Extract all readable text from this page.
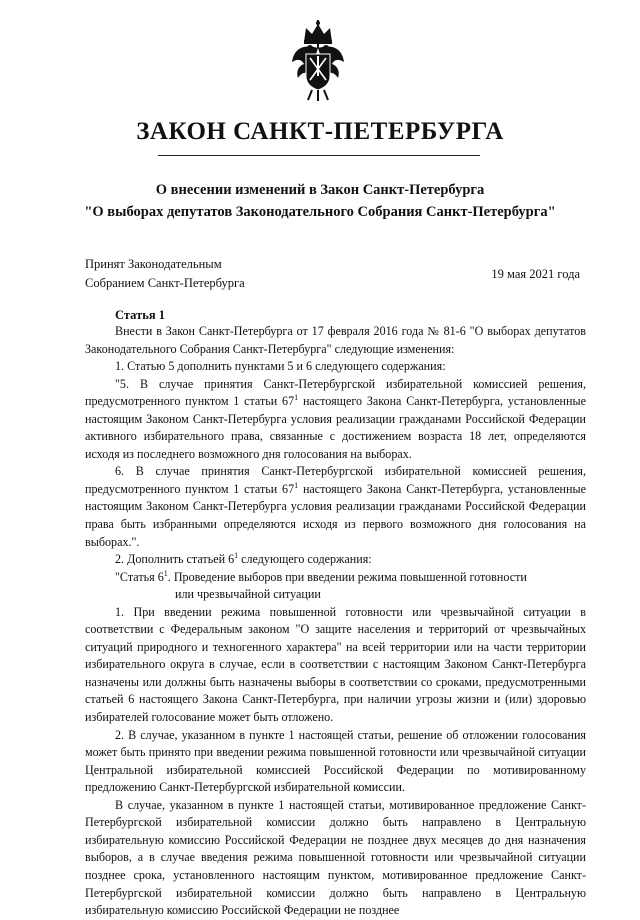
ЗАКОН САНКТ-ПЕТЕРБУРГА
О внесении изменений в Закон Санкт-Петербурга
"О выборах депутатов Законодательного Собрания Санкт-Петербурга"
Принят Законодательным
Собранием Санкт-Петербурга
19 мая 2021 года
Статья 1

Внести в Закон Санкт-Петербурга от 17 февраля 2016 года № 81-6 "О выборах депутатов Законодательного Собрания Санкт-Петербурга" следующие изменения:

1. Статью 5 дополнить пунктами 5 и 6 следующего содержания:

"5. В случае принятия Санкт-Петербургской избирательной комиссией решения, предусмотренного пунктом 1 статьи $67^1$ настоящего Закона Санкт-Петербурга, установленные настоящим Законом Санкт-Петербурга условия реализации гражданами Российской Федерации активного избирательного права, связанные с достижением возраста 18 лет, определяются исходя из последнего возможного дня голосования на выборах.

6. В случае принятия Санкт-Петербургской избирательной комиссией решения, предусмотренного пунктом 1 статьи $67^1$ настоящего Закона Санкт-Петербурга, установленные настоящим Законом Санкт-Петербурга условия реализации гражданами Российской Федерации права быть избранными определяются исходя из первого возможного дня голосования на выборах.".

2. Дополнить статьей $6^1$ следующего содержания:

"Статья $6^1$. Проведение выборов при введении режима повышенной готовности

или чрезвычайной ситуации

1. При введении режима повышенной готовности или чрезвычайной ситуации в соответствии с Федеральным законом "О защите населения и территорий от чрезвычайных ситуаций природного и техногенного характера" на всей территории или на части территории избирательного округа в случае, если в соответствии с настоящим Законом Санкт-Петербурга назначены или должны быть назначены выборы в соответствии со сроками, предусмотренными статьей 6 настоящего Закона Санкт-Петербурга, при наличии угрозы жизни и (или) здоровью избирателей голосование может быть отложено.

2. В случае, указанном в пункте 1 настоящей статьи, решение об отложении голосования может быть принято при введении режима повышенной готовности или чрезвычайной ситуации Центральной избирательной комиссией Российской Федерации по мотивированному предложению Санкт-Петербургской избирательной комиссии.

В случае, указанном в пункте 1 настоящей статьи, мотивированное предложение Санкт-Петербургской избирательной комиссии должно быть направлено в Центральную избирательную комиссию Российской Федерации не позднее двух месяцев до дня назначения выборов, а в случае введения режима повышенной готовности или чрезвычайной ситуации позднее срока, установленного настоящим пунктом, мотивированное предложение Санкт-Петербургской избирательной комиссии должно быть направлено в Центральную избирательную комиссию Российской Федерации не позднее
